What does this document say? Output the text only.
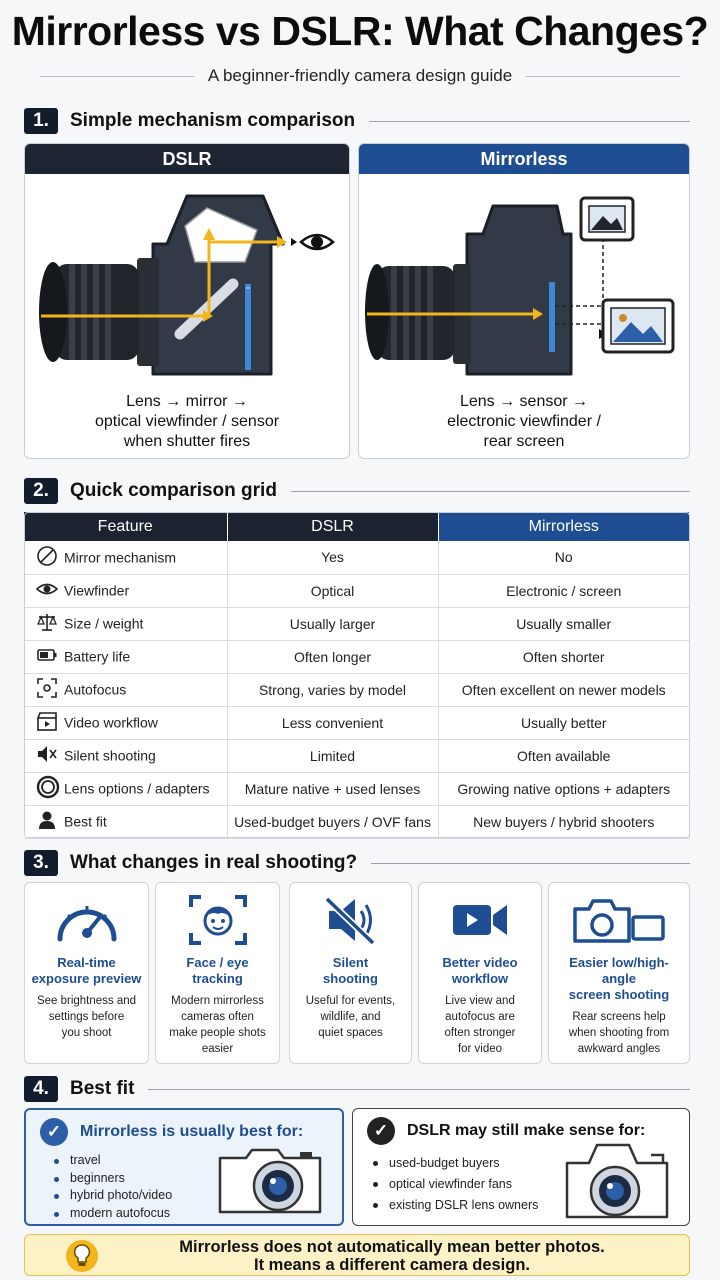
Mirrorless vs DSLR: What Changes?
A beginner-friendly camera design guide
1.	Simple mechanism comparison
DSLR
Lens → mirror →
optical viewfinder / sensor
when shutter fires
Mirrorless
Lens → sensor →
electronic viewfinder /
rear screen
2.	Quick comparison grid
Feature	DSLR	Mirrorless
Mirror mechanism	Yes	No
Viewfinder	Optical	Electronic / screen
Size / weight	Usually larger	Usually smaller
Battery life	Often longer	Often shorter
Autofocus	Strong, varies by model	Often excellent on newer models
Video workflow	Less convenient	Usually better
Silent shooting	Limited	Often available
Lens options / adapters	Mature native + used lenses	Growing native options + adapters
Best fit	Used-budget buyers / OVF fans	New buyers / hybrid shooters
3.	What changes in real shooting?
Real-time
exposure preview
See brightness and
settings before
you shoot
Face / eye
tracking
Modern mirrorless
cameras often
make people shots
easier
Silent
shooting
Useful for events,
wildlife, and
quiet spaces
Better video
workflow
Live view and
autofocus are
often stronger
for video
Easier low/high-angle
screen shooting
Rear screens help
when shooting from
awkward angles
4.	Best fit
✓	Mirrorless is usually best for:
travel
beginners
hybrid photo/video
modern autofocus
✓	DSLR may still make sense for:
used-budget buyers
optical viewfinder fans
existing DSLR lens owners
Mirrorless does not automatically mean better photos.
It means a different camera design.
